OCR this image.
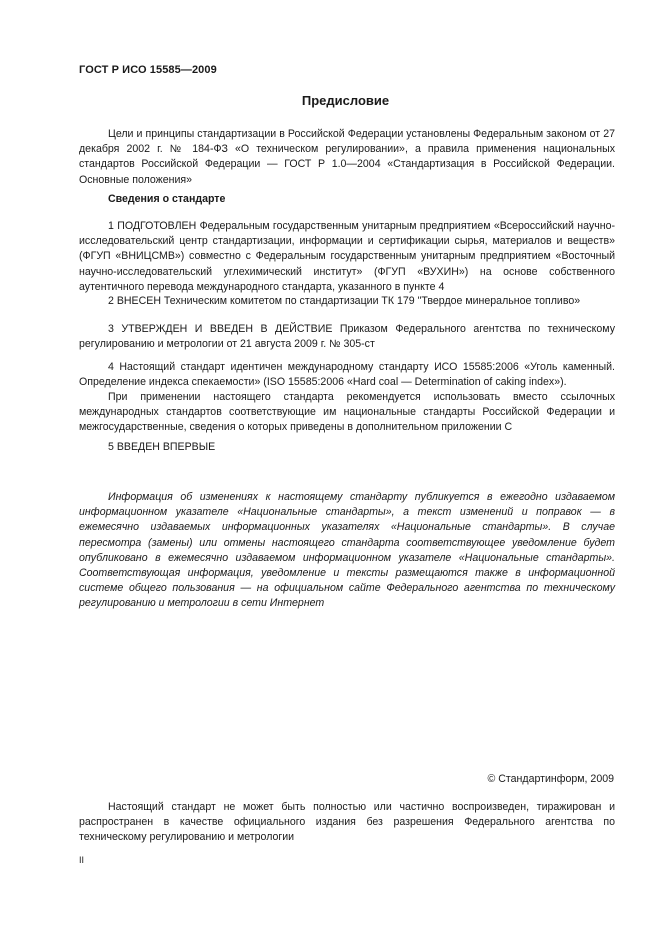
ГОСТ Р ИСО 15585—2009
Предисловие

Цели и принципы стандартизации в Российской Федерации установлены Федеральным законом от 27 декабря 2002 г. № 184-ФЗ «О техническом регулировании», а правила применения национальных стандартов Российской Федерации — ГОСТ Р 1.0—2004 «Стандартизация в Российской Федерации. Основные положения»

Сведения о стандарте

1 ПОДГОТОВЛЕН Федеральным государственным унитарным предприятием «Всероссийский научно-исследовательский центр стандартизации, информации и сертификации сырья, материалов и веществ» (ФГУП «ВНИЦСМВ») совместно с Федеральным государственным унитарным предприятием «Восточный научно-исследовательский углехимический институт» (ФГУП «ВУХИН») на основе собственного аутентичного перевода международного стандарта, указанного в пункте 4

2 ВНЕСЕН Техническим комитетом по стандартизации ТК 179 "Твердое минеральное топливо»

3 УТВЕРЖДЕН И ВВЕДЕН В ДЕЙСТВИЕ Приказом Федерального агентства по техническому регулированию и метрологии от 21 августа 2009 г. № 305-ст

4 Настоящий стандарт идентичен международному стандарту ИСО 15585:2006 «Уголь каменный. Определение индекса спекаемости» (ISO 15585:2006 «Hard coal — Determination of caking index»).

При применении настоящего стандарта рекомендуется использовать вместо ссылочных международных стандартов соответствующие им национальные стандарты Российской Федерации и межгосударственные, сведения о которых приведены в дополнительном приложении С

5 ВВЕДЕН ВПЕРВЫЕ

Информация об изменениях к настоящему стандарту публикуется в ежегодно издаваемом информационном указателе «Национальные стандарты», а текст изменений и поправок — в ежемесячно издаваемых информационных указателях «Национальные стандарты». В случае пересмотра (замены) или отмены настоящего стандарта соответствующее уведомление будет опубликовано в ежемесячно издаваемом информационном указателе «Национальные стандарты». Соответствующая информация, уведомление и тексты размещаются также в информационной системе общего пользования — на официальном сайте Федерального агентства по техническому регулированию и метрологии в сети Интернет

© Стандартинформ, 2009

Настоящий стандарт не может быть полностью или частично воспроизведен, тиражирован и распространен в качестве официального издания без разрешения Федерального агентства по техническому регулированию и метрологии

II
